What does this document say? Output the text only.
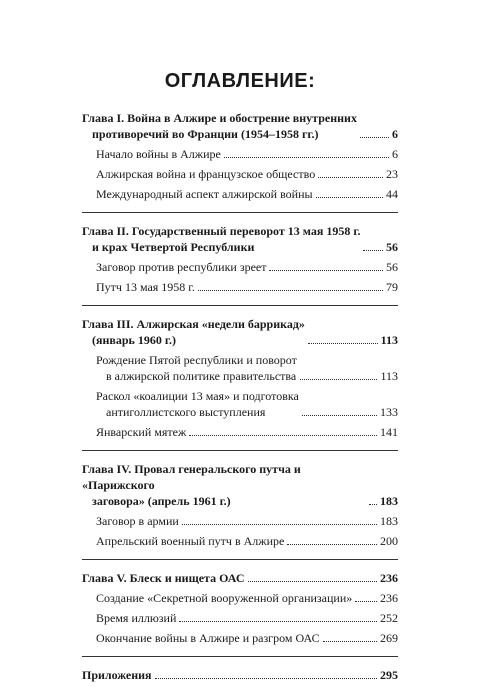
ОГЛАВЛЕНИЕ:
Глава I. Война в Алжире и обострение внутренних
противоречий во Франции (1954–1958 гг.)	6
Начало войны в Алжире	6
Алжирская война и французское общество	23
Международный аспект алжирской войны	44
Глава II. Государственный переворот 13 мая 1958 г.
и крах Четвертой Республики	56
Заговор против республики зреет	56
Путч 13 мая 1958 г.	79
Глава III. Алжирская «недели баррикад»
(январь 1960 г.)	113
Рождение Пятой республики и поворот
в алжирской политике правительства	113
Раскол «коалиции 13 мая» и подготовка
антиголлистского выступления	133
Январский мятеж	141
Глава IV. Провал генеральского путча и «Парижского
заговора» (апрель 1961 г.)	183
Заговор в армии	183
Апрельский военный путч в Алжире	200
Глава V. Блеск и нищета ОАС	236
Создание «Секретной вооруженной организации» 236
Время иллюзий	252
Окончание войны в Алжире и разгром ОАС	269
Приложения	295
